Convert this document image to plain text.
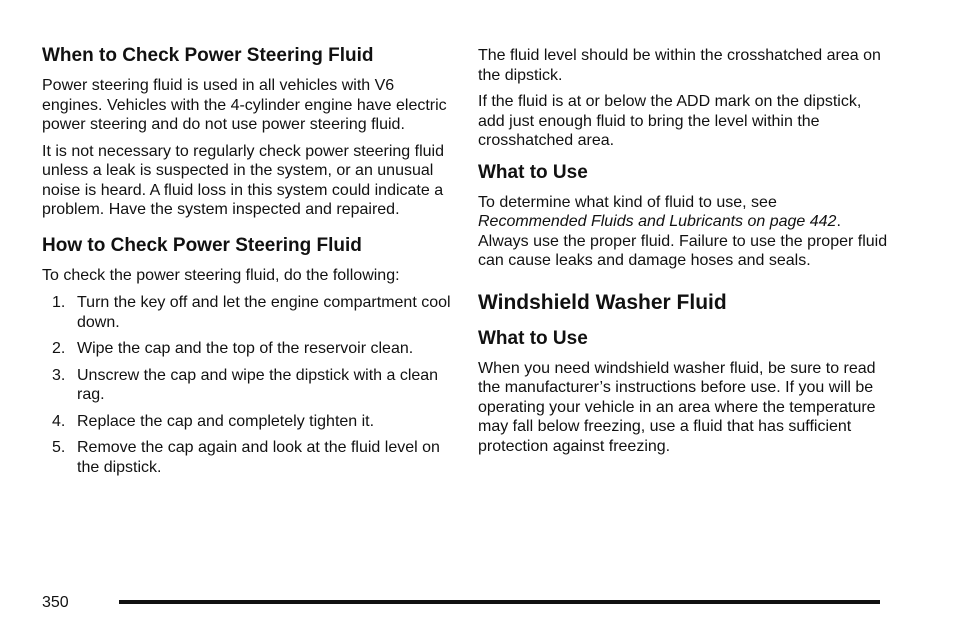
When to Check Power Steering Fluid

Power steering fluid is used in all vehicles with V6 engines. Vehicles with the 4-cylinder engine have electric power steering and do not use power steering fluid.

It is not necessary to regularly check power steering fluid unless a leak is suspected in the system, or an unusual noise is heard. A fluid loss in this system could indicate a problem. Have the system inspected and repaired.

How to Check Power Steering Fluid

To check the power steering fluid, do the following:

1. Turn the key off and let the engine compartment cool down.
2. Wipe the cap and the top of the reservoir clean.
3. Unscrew the cap and wipe the dipstick with a clean rag.
4. Replace the cap and completely tighten it.
5. Remove the cap again and look at the fluid level on the dipstick.

The fluid level should be within the crosshatched area on the dipstick.

If the fluid is at or below the ADD mark on the dipstick, add just enough fluid to bring the level within the crosshatched area.

What to Use

To determine what kind of fluid to use, see Recommended Fluids and Lubricants on page 442. Always use the proper fluid. Failure to use the proper fluid can cause leaks and damage hoses and seals.

Windshield Washer Fluid
What to Use

When you need windshield washer fluid, be sure to read the manufacturer’s instructions before use. If you will be operating your vehicle in an area where the temperature may fall below freezing, use a fluid that has sufficient protection against freezing.

350
